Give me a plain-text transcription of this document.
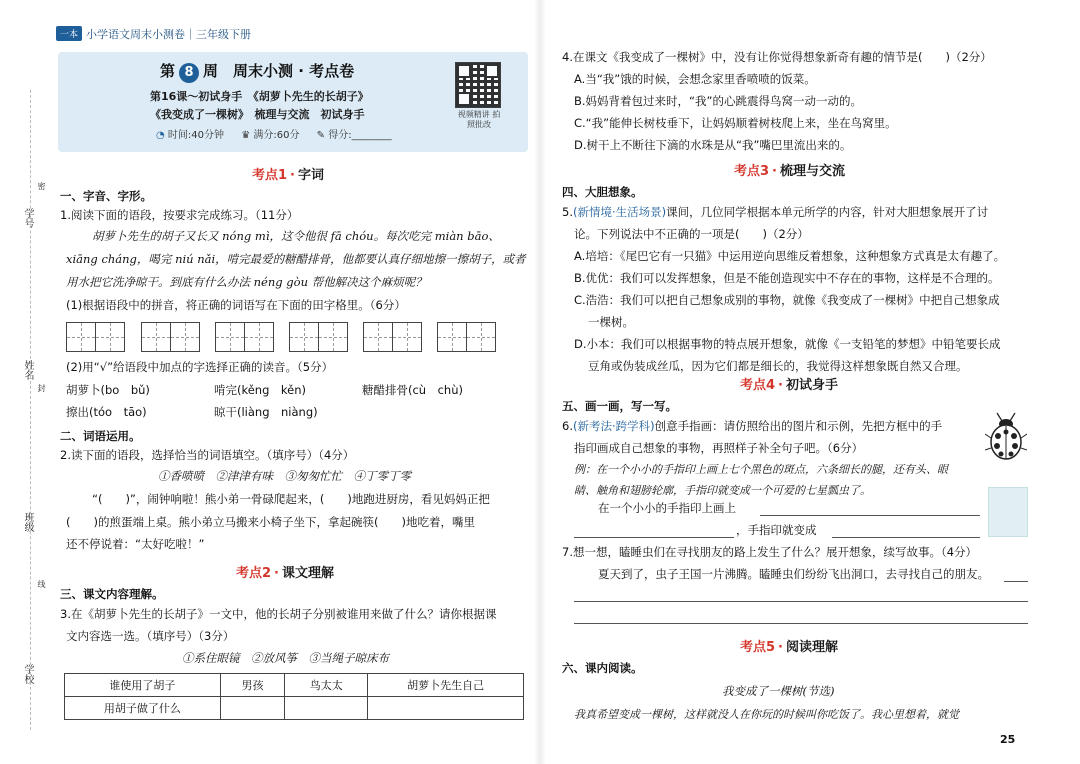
一本 小学语文周末小测卷｜三年级下册
学号
姓名
班级
学校
密
封
线
第 8 周　周末小测 · 考点卷
第16课～初试身手　《胡萝卜先生的长胡子》
《我变成了一棵树》　梳理与交流　初试身手
◔ 时间:40分钟 ♛ 满分:60分 ✎ 得分:________
视频精讲 拍照批改
考点1 · 字词
一、字音、字形。
1.阅读下面的语段，按要求完成练习。（11分）
胡萝卜先生的胡子又长又 nóng mì，这令他很 fā chóu。每次吃完 miàn bāo、
xiāng cháng，喝完 niú nǎi，啃完最爱的糖醋排骨，他都要认真仔细地擦一擦胡子，或者
用水把它洗净晾干。到底有什么办法 néng gòu 帮他解决这个麻烦呢？
(1)根据语段中的拼音，将正确的词语写在下面的田字格里。（6分）
(2)用“√”给语段中加点的字选择正确的读音。（5分）
胡萝卜(bo　bǔ)	啃完(kěng　kěn)	糖醋排骨(cù　chù)
擦出(tóo　tāo)	晾干(liàng　niàng)
二、词语运用。
2.读下面的语段，选择恰当的词语填空。（填序号）（4分）
①香喷喷　②津津有味　③匆匆忙忙　④丁零丁零
“(　　)”，闹钟响啦！熊小弟一骨碌爬起来，(　　)地跑进厨房，看见妈妈正把
(　　)的煎蛋端上桌。熊小弟立马搬来小椅子坐下，拿起碗筷(　　)地吃着，嘴里
还不停说着：“太好吃啦！”
考点2 · 课文理解
三、课文内容理解。
3.在《胡萝卜先生的长胡子》一文中，他的长胡子分别被谁用来做了什么？请你根据课
文内容选一选。（填序号）（3分）
①系住眼镜　②放风筝　③当绳子晾床布
谁使用了胡子	男孩	鸟太太	胡萝卜先生自己
用胡子做了什么			
4.在课文《我变成了一棵树》中，没有让你觉得想象新奇有趣的情节是(　　)（2分）
A.当“我”饿的时候，会想念家里香喷喷的饭菜。
B.妈妈背着包过来时，“我”的心跳震得鸟窝一动一动的。
C.“我”能伸长树枝垂下，让妈妈顺着树枝爬上来，坐在鸟窝里。
D.树干上不断往下滴的水珠是从“我”嘴巴里流出来的。
考点3 · 梳理与交流
四、大胆想象。
5.(新情境·生活场景)课间，几位同学根据本单元所学的内容，针对大胆想象展开了讨
论。下列说法中不正确的一项是(　　)（2分）
A.培培：《尾巴它有一只猫》中运用逆向思维反着想象，这种想象方式真是太有趣了。
B.优优：我们可以发挥想象，但是不能创造现实中不存在的事物，这样是不合理的。
C.浩浩：我们可以把自己想象成别的事物，就像《我变成了一棵树》中把自己想象成
一棵树。
D.小本：我们可以根据事物的特点展开想象，就像《一支铅笔的梦想》中铅笔要长成
豆角或伪装成丝瓜，因为它们都是细长的，我觉得这样想象既自然又合理。
考点4 · 初试身手
五、画一画，写一写。
6.(新考法·跨学科)创意手指画：请仿照给出的图片和示例，先把方框中的手
指印画成自己想象的事物，再照样子补全句子吧。（6分）
例：在一个小小的手指印上画上七个黑色的斑点，六条细长的腿，还有头、眼
睛、触角和翅膀轮廓，手指印就变成一个可爱的七星瓢虫了。
在一个小小的手指印上画上
，手指印就变成
7.想一想，瞌睡虫们在寻找朋友的路上发生了什么？展开想象，续写故事。（4分）
夏天到了，虫子王国一片沸腾。瞌睡虫们纷纷飞出洞口，去寻找自己的朋友。
考点5 · 阅读理解
六、课内阅读。
我变成了一棵树(节选)
我真希望变成一棵树，这样就没人在你玩的时候叫你吃饭了。我心里想着，就觉
25
